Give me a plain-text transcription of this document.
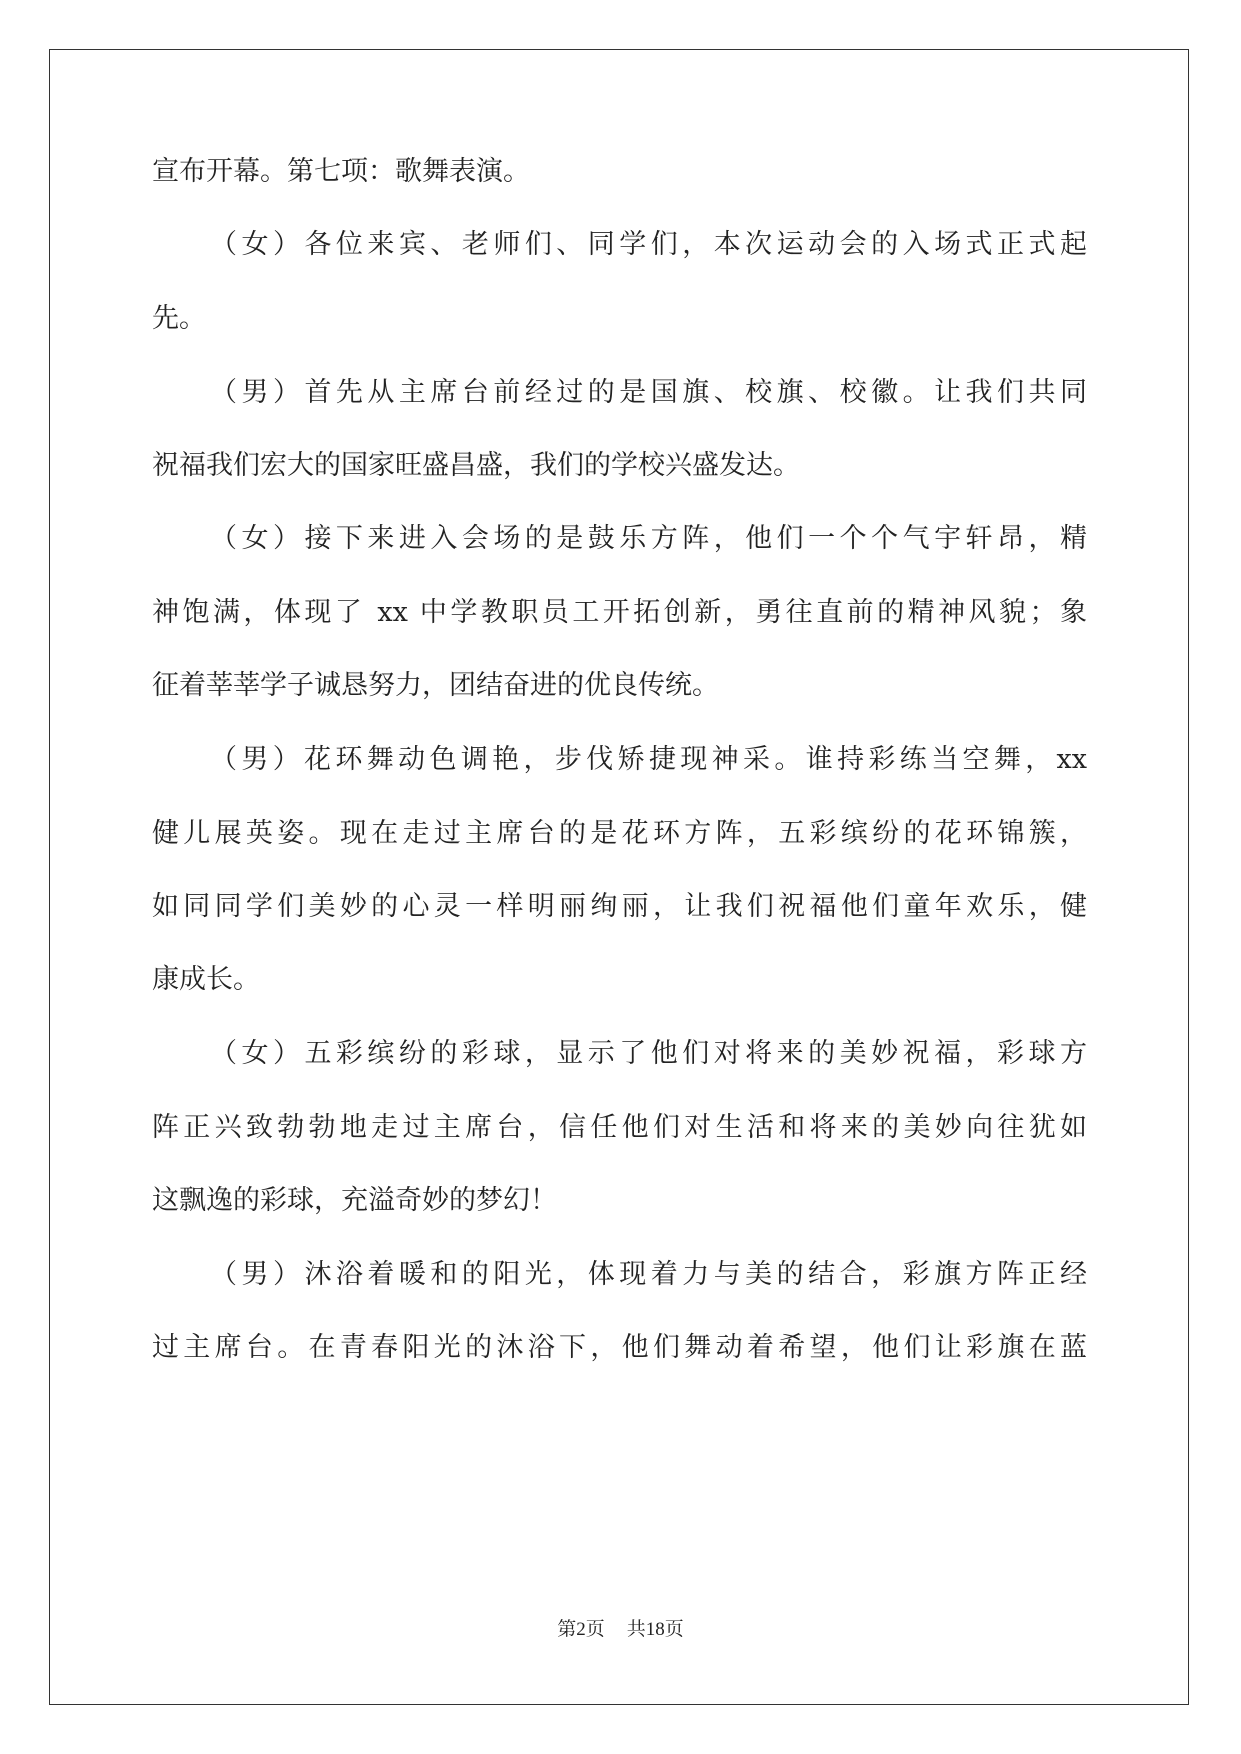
宣布开幕。第七项：歌舞表演。
（女）各位来宾、老师们、同学们，本次运动会的入场式正式起
先。
（男）首先从主席台前经过的是国旗、校旗、校徽。让我们共同
祝福我们宏大的国家旺盛昌盛，我们的学校兴盛发达。
（女）接下来进入会场的是鼓乐方阵，他们一个个气宇轩昂，精
神饱满，体现了 xx 中学教职员工开拓创新，勇往直前的精神风貌；象
征着莘莘学子诚恳努力，团结奋进的优良传统。
（男）花环舞动色调艳，步伐矫捷现神采。谁持彩练当空舞，xx
健儿展英姿。现在走过主席台的是花环方阵，五彩缤纷的花环锦簇，
如同同学们美妙的心灵一样明丽绚丽，让我们祝福他们童年欢乐，健
康成长。
（女）五彩缤纷的彩球，显示了他们对将来的美妙祝福，彩球方
阵正兴致勃勃地走过主席台，信任他们对生活和将来的美妙向往犹如
这飘逸的彩球，充溢奇妙的梦幻！
（男）沐浴着暖和的阳光，体现着力与美的结合，彩旗方阵正经
过主席台。在青春阳光的沐浴下，他们舞动着希望，他们让彩旗在蓝
第2页 共18页
